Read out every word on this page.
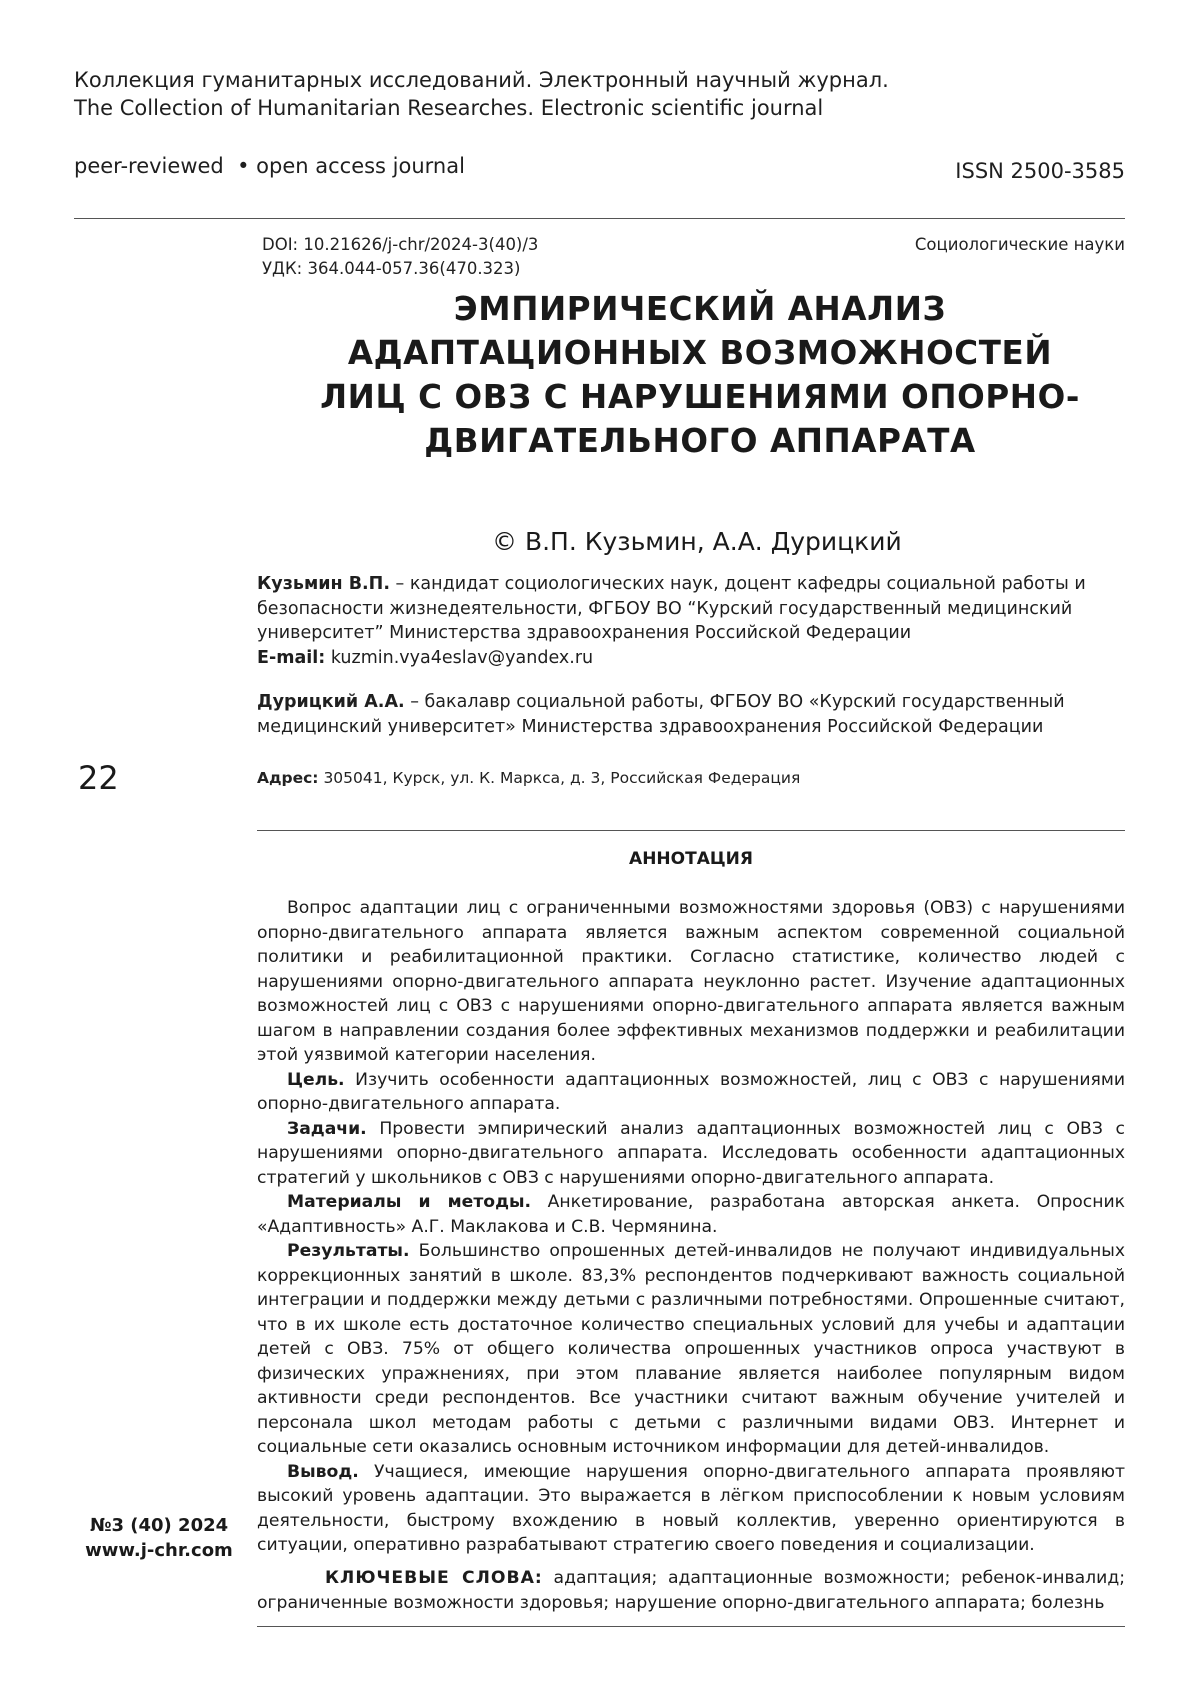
Коллекция гуманитарных исследований. Электронный научный журнал.
The Collection of Humanitarian Researches. Electronic scientific journal
peer-reviewed  • open access journal	ISSN 2500-3585
DOI: 10.21626/j-chr/2024-3(40)/3
УДК: 364.044-057.36(470.323)
Социологические науки
ЭМПИРИЧЕСКИЙ АНАЛИЗ
АДАПТАЦИОННЫХ ВОЗМОЖНОСТЕЙ
ЛИЦ С ОВЗ С НАРУШЕНИЯМИ ОПОРНО-
ДВИГАТЕЛЬНОГО АППАРАТА
© В.П. Кузьмин, А.А. Дурицкий
Кузьмин В.П. – кандидат социологических наук, доцент кафедры социальной работы и безопасности жизнедеятельности, ФГБОУ ВО “Курский государственный медицинский университет” Министерства здравоохранения Российской Федерации
E-mail: kuzmin.vya4eslav@yandex.ru
Дурицкий А.А. – бакалавр социальной работы, ФГБОУ ВО «Курский государственный медицинский университет» Министерства здравоохранения Российской Федерации
Адрес: 305041, Курск, ул. К. Маркса, д. 3, Российская Федерация
22
АННОТАЦИЯ

Вопрос адаптации лиц с ограниченными возможностями здоровья (ОВЗ) с нарушениями опорно-двигательного аппарата является важным аспектом современной социальной политики и реабилитационной практики. Согласно статистике, количество людей с нарушениями опорно-двигательного аппарата неуклонно растет. Изучение адаптационных возможностей лиц с ОВЗ с нарушениями опорно-двигательного аппарата является важным шагом в направлении создания более эффективных механизмов поддержки и реабилитации этой уязвимой категории населения.

Цель. Изучить особенности адаптационных возможностей, лиц с ОВЗ с нарушениями опорно-двигательного аппарата.

Задачи. Провести эмпирический анализ адаптационных возможностей лиц с ОВЗ с нарушениями опорно-двигательного аппарата. Исследовать особенности адаптационных стратегий у школьников с ОВЗ с нарушениями опорно-двигательного аппарата.

Материалы и методы. Анкетирование, разработана авторская анкета. Опросник «Адаптивность» А.Г. Маклакова и С.В. Чермянина.

Результаты. Большинство опрошенных детей-инвалидов не получают индивидуальных коррекционных занятий в школе. 83,3% респондентов подчеркивают важность социальной интеграции и поддержки между детьми с различными потребностями. Опрошенные считают, что в их школе есть достаточное количество специальных условий для учебы и адаптации детей с ОВЗ. 75% от общего количества опрошенных участников опроса участвуют в физических упражнениях, при этом плавание является наиболее популярным видом активности среди респондентов. Все участники считают важным обучение учителей и персонала школ методам работы с детьми с различными видами ОВЗ. Интернет и социальные сети оказались основным источником информации для детей-инвалидов.

Вывод. Учащиеся, имеющие нарушения опорно-двигательного аппарата проявляют высокий уровень адаптации. Это выражается в лёгком приспособлении к новым условиям деятельности, быстрому вхождению в новый коллектив, уверенно ориентируются в ситуации, оперативно разрабатывают стратегию своего поведения и социализации.

КЛЮЧЕВЫЕ СЛОВА: адаптация; адаптационные возможности; ребенок-инвалид; ограниченные возможности здоровья; нарушение опорно-двигательного аппарата; болезнь
№3 (40) 2024
www.j-chr.com
